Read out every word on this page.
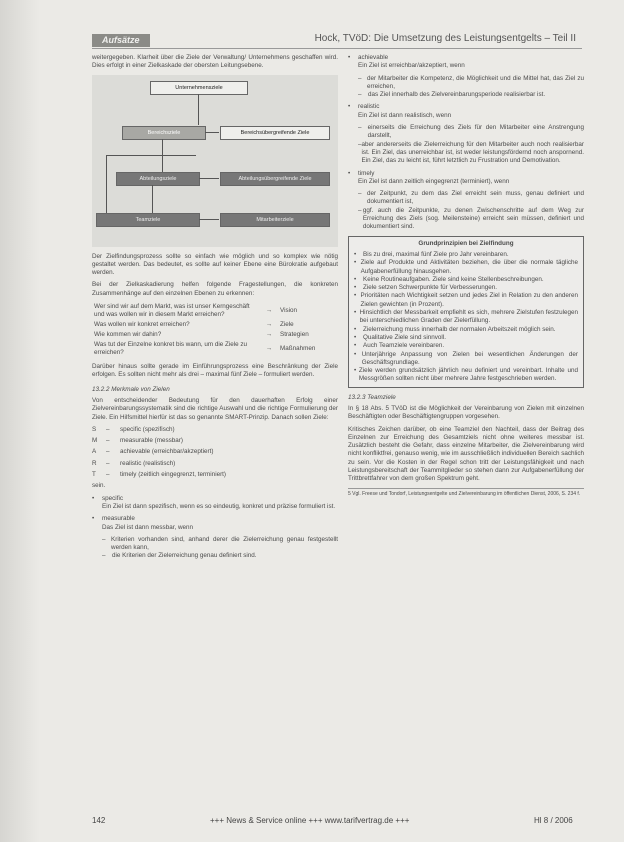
Aufsätze	Hock, TVöD: Die Umsetzung des Leistungsentgelts – Teil II

weitergegeben. Klarheit über die Ziele der Verwaltung/ Unternehmens geschaffen wird. Dies erfolgt in einer Zielkaskade der obersten Leitungsebene.

Unternehmensziele
Bereichsziele	Bereichsübergreifende Ziele
Abteilungsziele	Abteilungsübergreifende Ziele
Teamziele	Mitarbeiterziele

Der Zielfindungsprozess sollte so einfach wie möglich und so komplex wie nötig gestaltet werden. Das bedeutet, es sollte auf keiner Ebene eine Bürokratie aufgebaut werden.

Bei der Zielkaskadierung helfen folgende Fragestellungen, die konkreten Zusammenhänge auf den einzelnen Ebenen zu erkennen:

Wer sind wir auf dem Markt, was ist unser Kerngeschäft und was wollen wir in diesem Markt erreichen?	→	Vision
Was wollen wir konkret erreichen?	→	Ziele
Wie kommen wir dahin?	→	Strategien
Was tut der Einzelne konkret bis wann, um die Ziele zu erreichen?	→	Maßnahmen

Darüber hinaus sollte gerade im Einführungsprozess eine Beschränkung der Ziele erfolgen. Es sollten nicht mehr als drei – maximal fünf Ziele – formuliert werden.

13.2.2 Merkmale von Zielen

Von entscheidender Bedeutung für den dauerhaften Erfolg einer Zielvereinbarungssystematik sind die richtige Auswahl und die richtige Formulierung der Ziele. Ein Hilfsmittel hierfür ist das so genannte SMART-Prinzip. Danach sollen Ziele:

S	–	specific (spezifisch)
M	–	measurable (messbar)
A	–	achievable (erreichbar/akzeptiert)
R	–	realistic (realistisch)
T	–	timely (zeitlich eingegrenzt, terminiert)

sein.

•	specific

Ein Ziel ist dann spezifisch, wenn es so eindeutig, konkret und präzise formuliert ist.

•	measurable

Das Ziel ist dann messbar, wenn

– Kriterien vorhanden sind, anhand derer die Zielerreichung genau festgestellt werden kann,
–	die Kriterien der Zielerreichung genau definiert sind.
•	achievable

Ein Ziel ist erreichbar/akzeptiert, wenn

– der Mitarbeiter die Kompetenz, die Möglichkeit und die Mittel hat, das Ziel zu erreichen,
–	das Ziel innerhalb des Zielvereinbarungsperiode realisierbar ist.
•	realistic

Ein Ziel ist dann realistisch, wenn

– einerseits die Erreichung des Ziels für den Mitarbeiter eine Anstrengung darstellt,
– aber andererseits die Zielerreichung für den Mitarbeiter auch noch realisierbar ist. Ein Ziel, das unerreichbar ist, ist weder leistungsfördernd noch anspornend. Ein Ziel, das zu leicht ist, führt letztlich zu Frustration und Demotivation.
•	timely

Ein Ziel ist dann zeitlich eingegrenzt (terminiert), wenn

– der Zeitpunkt, zu dem das Ziel erreicht sein muss, genau definiert und dokumentiert ist,
– ggf. auch die Zeitpunkte, zu denen Zwischenschritte auf dem Weg zur Erreichung des Ziels (sog. Meilensteine) erreicht sein müssen, definiert und dokumentiert sind.
Grundprinzipien bei Zielfindung
•	Bis zu drei, maximal fünf Ziele pro Jahr vereinbaren.
• Ziele auf Produkte und Aktivitäten beziehen, die über die normale tägliche Aufgabenerfüllung hinausgehen.
•	Keine Routineaufgaben. Ziele sind keine Stellenbeschreibungen.
•	Ziele setzen Schwerpunkte für Verbesserungen.
• Prioritäten nach Wichtigkeit setzen und jedes Ziel in Relation zu den anderen Zielen gewichten (in Prozent).
• Hinsichtlich der Messbarkeit empfiehlt es sich, mehrere Zielstufen festzulegen bei unterschiedlichen Graden der Zielerfüllung.
•	Zielerreichung muss innerhalb der normalen Arbeitszeit möglich sein.
•	Qualitative Ziele sind sinnvoll.
•	Auch Teamziele vereinbaren.
• Unterjährige Anpassung von Zielen bei wesentlichen Änderungen der Geschäftsgrundlage.
• Ziele werden grundsätzlich jährlich neu definiert und vereinbart. Inhalte und Messgrößen sollten nicht über mehrere Jahre festgeschrieben werden.
13.2.3 Teamziele

In § 18 Abs. 5 TVöD ist die Möglichkeit der Vereinbarung von Zielen mit einzelnen Beschäftigten oder Beschäftigtengruppen vorgesehen.

Kritisches Zeichen darüber, ob eine Teamziel den Nachteil, dass der Beitrag des Einzelnen zur Erreichung des Gesamtziels nicht ohne weiteres messbar ist. Zusätzlich besteht die Gefahr, dass einzelne Mitarbeiter, die Zielvereinbarung wird nicht konfliktfrei, genauso wenig, wie im ausschließlich individuellen Bereich sachlich zu sein. Vor die Kosten in der Regel schon tritt der Leistungsfähigkeit und nach Leistungsbereitschaft der Teammitglieder so stehen dann zur Aufgabenerfüllung der Trittbrettfahrer von dem großen Spektrum geht.

5 Vgl. Freese und Tondorf, Leistungsentgelte und Zielvereinbarung im öffentlichen Dienst, 2006, S. 234 f.
142	+++ News & Service online +++ www.tarifvertrag.de +++	Hl 8 / 2006
